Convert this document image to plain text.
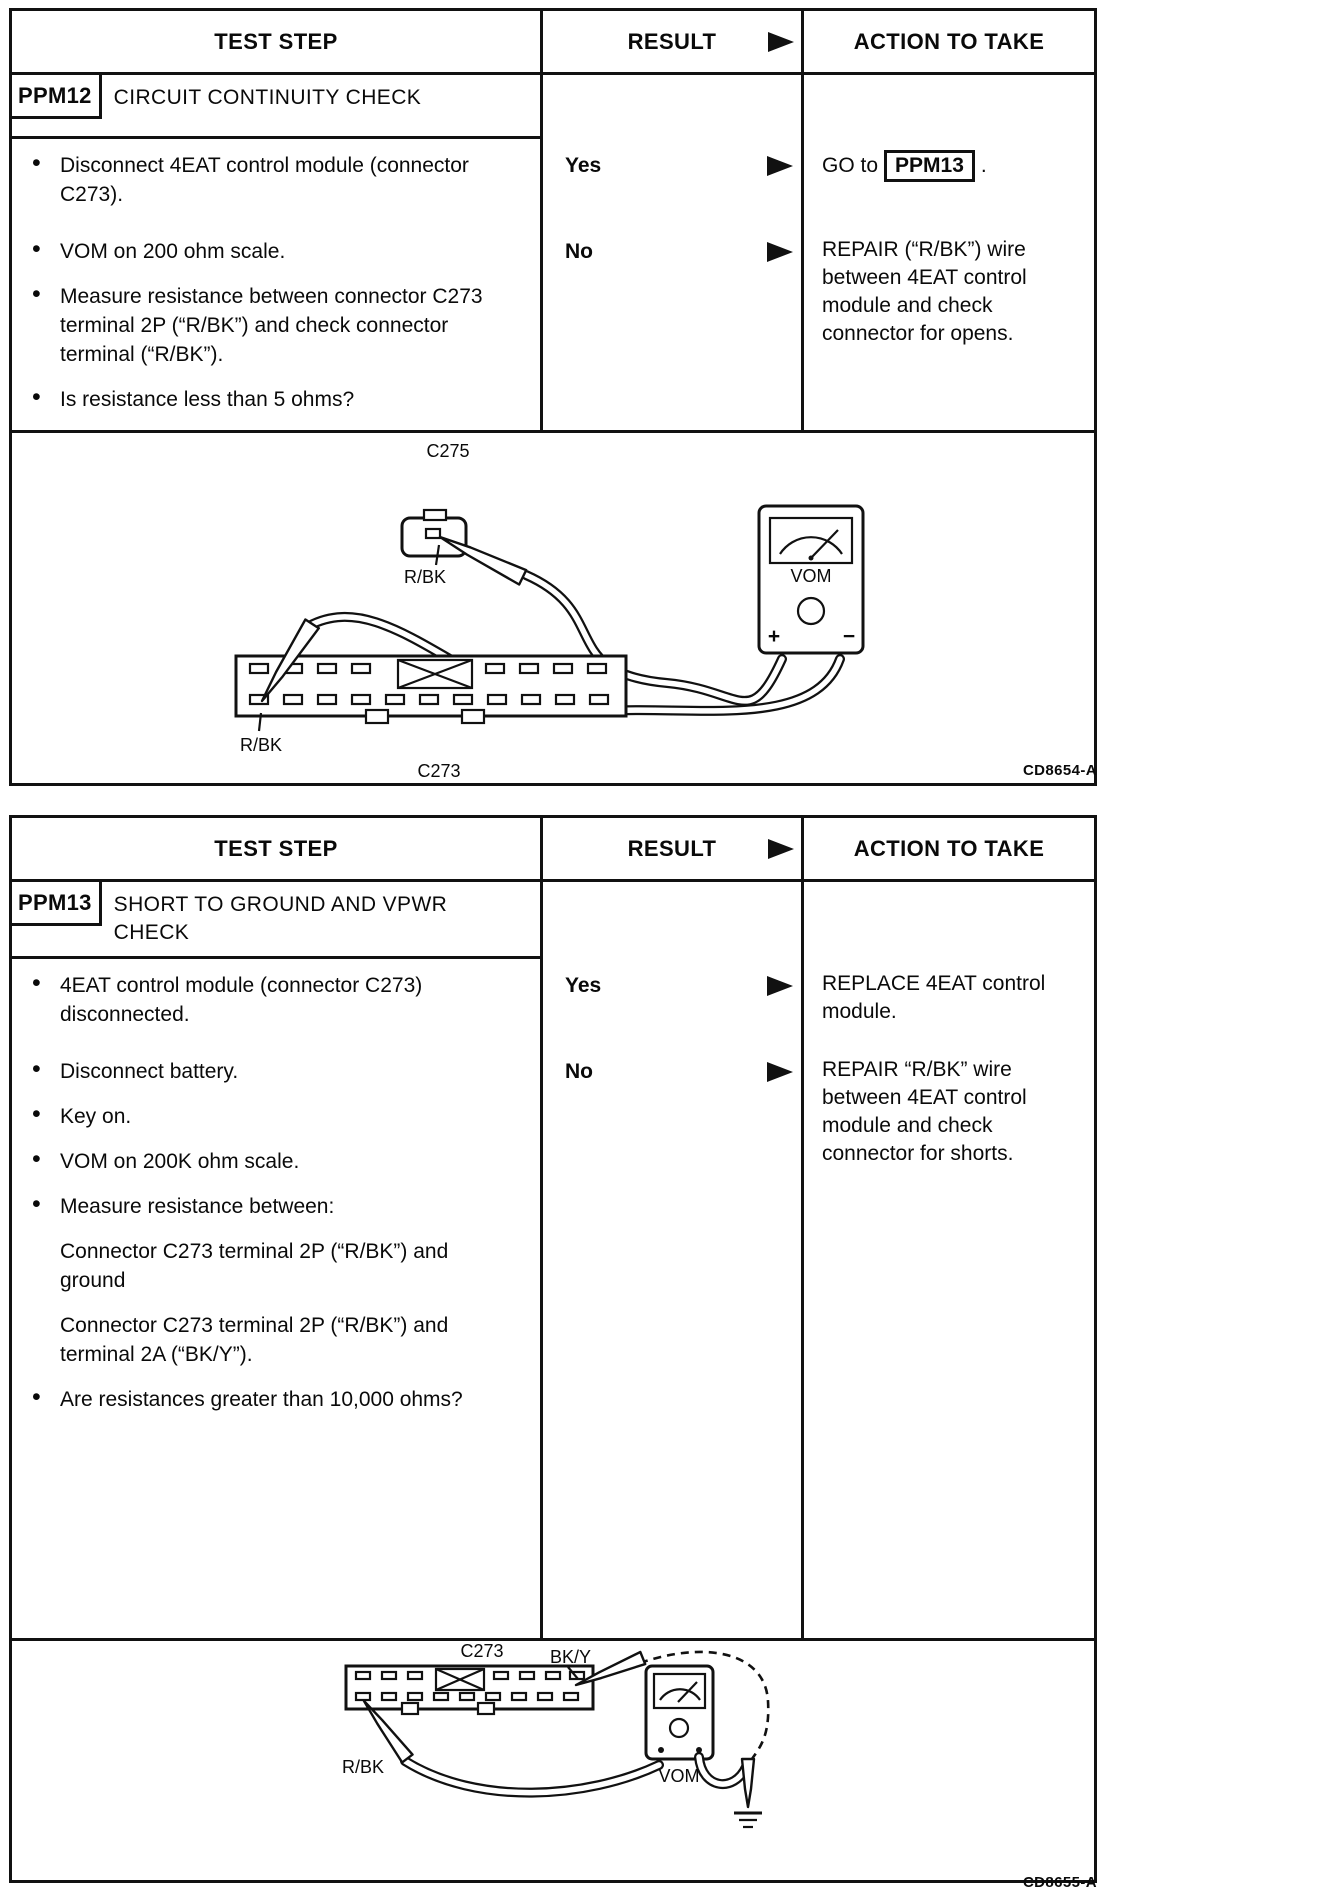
TEST STEP	RESULT	ACTION TO TAKE
PPM12	CIRCUIT CONTINUITY CHECK
• Disconnect 4EAT control module (connector C273).
Yes	GO to PPM13 .
• VOM on 200 ohm scale.
• Measure resistance between connector C273 terminal 2P (“R/BK”) and check connector terminal (“R/BK”).
• Is resistance less than 5 ohms?
No	REPAIR (“R/BK”) wire between 4EAT control module and check connector for opens.
C275
R/BK
R/BK
C273
VOM
+	−
CD8654-A
TEST STEP	RESULT	ACTION TO TAKE
PPM13	SHORT TO GROUND AND VPWR CHECK
• 4EAT control module (connector C273) disconnected.
Yes	REPLACE 4EAT control module.
• Disconnect battery.
• Key on.
• VOM on 200K ohm scale.
• Measure resistance between:
Connector C273 terminal 2P (“R/BK”) and ground
Connector C273 terminal 2P (“R/BK”) and terminal 2A (“BK/Y”).
• Are resistances greater than 10,000 ohms?
No	REPAIR “R/BK” wire between 4EAT control module and check connector for shorts.
C273	BK/Y
R/BK	VOM
CD8655-A
